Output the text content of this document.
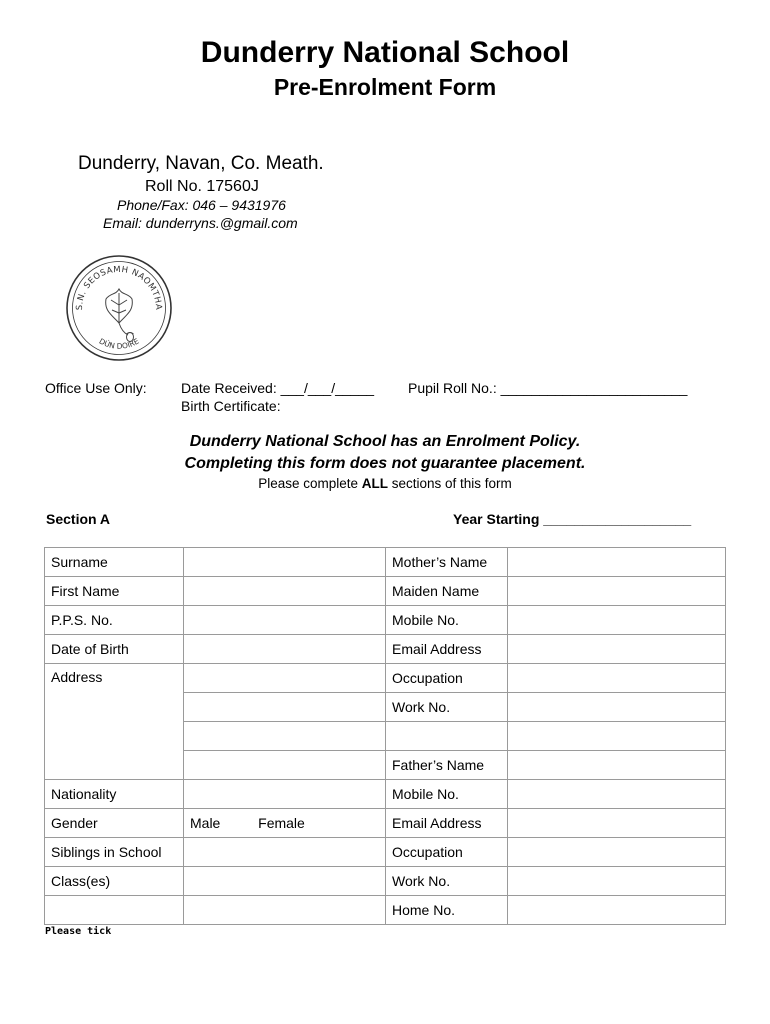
Dunderry National School
Pre-Enrolment Form
Dunderry, Navan, Co. Meath.
Roll No. 17560J
Phone/Fax: 046 – 9431976
Email: dunderryns.@gmail.com
S.N. SEOSAMH NAOMTHA
DÚN DOIRE
Office Use Only: Date Received: ___/___/_____ Pupil Roll No.: ________________________
Birth Certificate:
Dunderry National School has an Enrolment Policy.
Completing this form does not guarantee placement.
Please complete ALL sections of this form
Section A	Year Starting ___________________
Surname		Mother’s Name	
First Name		Maiden Name	
P.P.S. No.		Mobile No.	
Date of Birth		Email Address	
Address		Occupation	
		Work No.	

		Father’s Name	
Nationality		Mobile No.	
Gender	Male Female	Email Address	
Siblings in School		Occupation	
Class(es)		Work No.	
		Home No.	
Please tick
